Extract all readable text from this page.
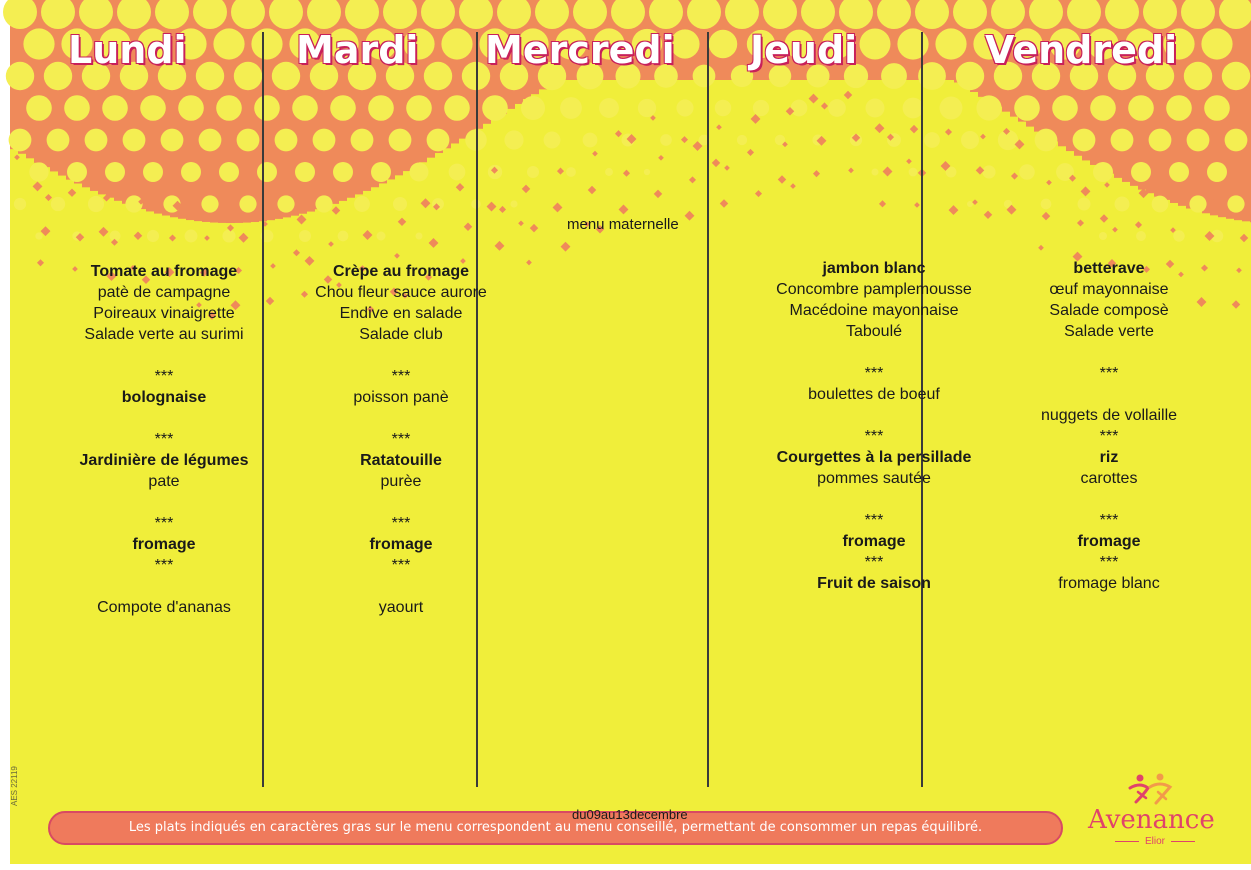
Lundi	Mardi Mercredi Jeudi	Vendredi
Tomate au fromage
patè de campagne
Poireaux vinaigrette
Salade verte au surimi
***
bolognaise
***
Jardinière de légumes
pate
***
fromage
***
Compote d'ananas
Crèpe au fromage
Chou fleur sauce aurore
Endive en salade
Salade club
***
poisson panè
***
Ratatouille
purèe
***
fromage
***
yaourt
menu maternelle
jambon blanc
Concombre pamplemousse
Macédoine mayonnaise
Taboulé
***
boulettes de boeuf
***
Courgettes à la persillade
pommes sautée
***
fromage
***
Fruit de saison
betterave
œuf mayonnaise
Salade composè
Salade verte
***
nuggets de vollaille
***
riz
carottes
***
fromage
***
fromage blanc
AES 22119
Les plats indiqués en caractères gras sur le menu correspondent au menu conseillé, permettant de consommer un repas équilibré.
du09au13decembre	Avenance
Elior
